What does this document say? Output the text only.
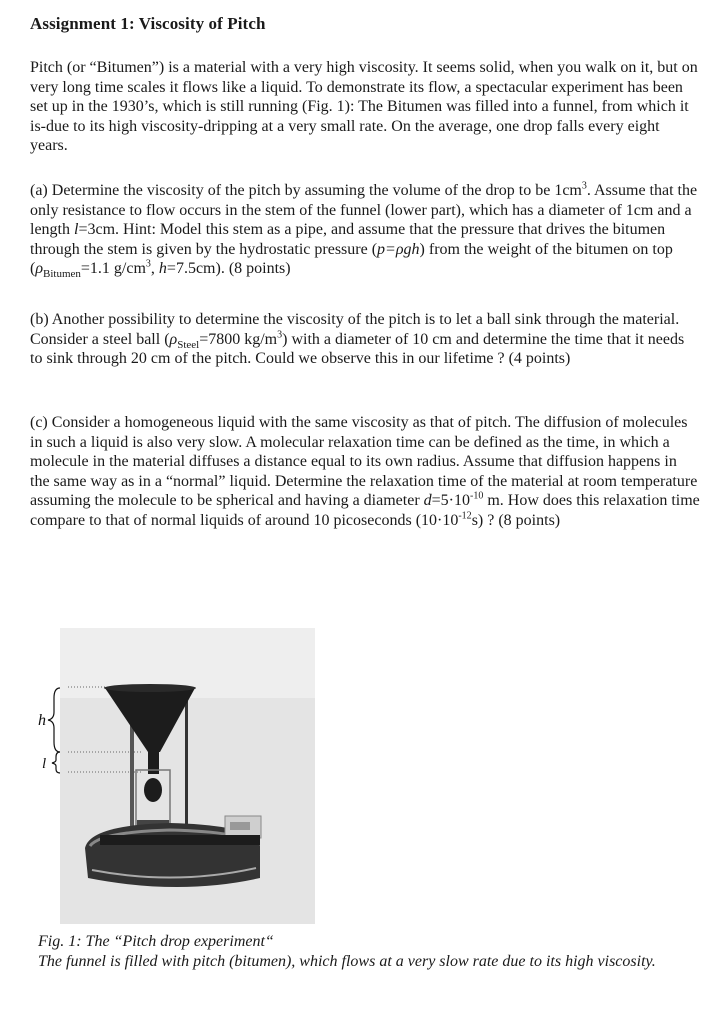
Assignment 1: Viscosity of Pitch

Pitch (or “Bitumen”) is a material with a very high viscosity. It seems solid, when you walk on it, but on very long time scales it flows like a liquid. To demonstrate its flow, a spectacular experiment has been set up in the 1930’s, which is still running (Fig. 1): The Bitumen was filled into a funnel, from which it is-due to its high viscosity-dripping at a very small rate. On the average, one drop falls every eight years.

(a) Determine the viscosity of the pitch by assuming the volume of the drop to be $1cm^3$. Assume that the only resistance to flow occurs in the stem of the funnel (lower part), which has a diameter of 1cm and a length l=3cm. Hint: Model this stem as a pipe, and assume that the pressure that drives the bitumen through the stem is given by the hydrostatic pressure (p=ρgh) from the weight of the bitumen on top ($\rho_{Bitumen}=1.1$ $g/cm^3$, h=7.5cm). (8 points)

(b) Another possibility to determine the viscosity of the pitch is to let a ball sink through the material. Consider a steel ball ($\rho_{Steel}=7800$ $kg/m^3$) with a diameter of 10 cm and determine the time that it needs to sink through 20 cm of the pitch. Could we observe this in our lifetime ? (4 points)

(c) Consider a homogeneous liquid with the same viscosity as that of pitch. The diffusion of molecules in such a liquid is also very slow. A molecular relaxation time can be defined as the time, in which a molecule in the material diffuses a distance equal to its own radius. Assume that diffusion happens in the same way as in a “normal” liquid. Determine the relaxation time of the material at room temperature assuming the molecule to be spherical and having a diameter $d=5\cdot 10^{-10}$ m. How does this relaxation time compare to that of normal liquids of around 10 picoseconds $(10\cdot 10^{-12}s)$ ? (8 points)

h
l

Fig. 1: The “Pitch drop experiment“
The funnel is filled with pitch (bitumen), which flows at a very slow rate due to its high viscosity.
